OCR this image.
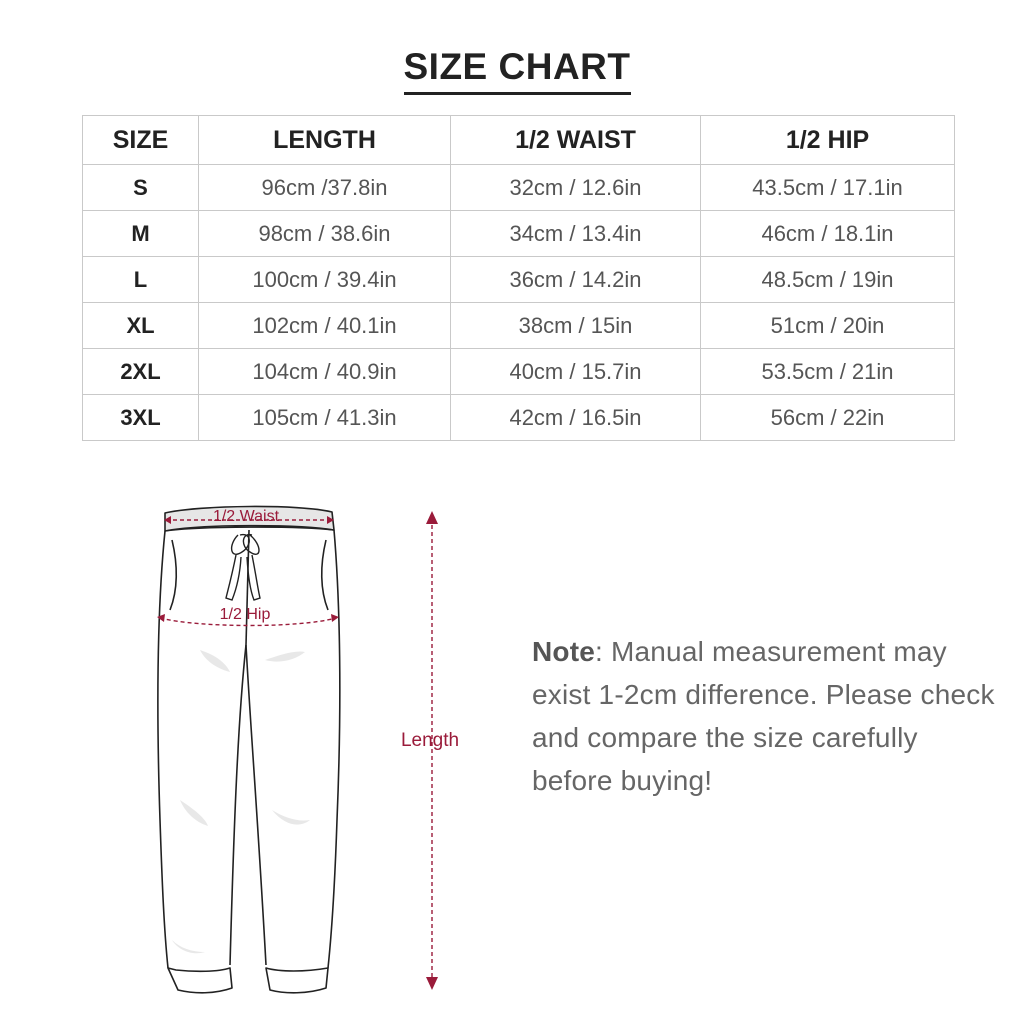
SIZE CHART
SIZE	LENGTH	1/2 WAIST	1/2 HIP
S	96cm /37.8in	32cm / 12.6in	43.5cm / 17.1in
M	98cm / 38.6in	34cm / 13.4in	46cm / 18.1in
L	100cm / 39.4in	36cm / 14.2in	48.5cm / 19in
XL	102cm / 40.1in	38cm / 15in	51cm / 20in
2XL	104cm / 40.9in	40cm / 15.7in	53.5cm / 21in
3XL	105cm / 41.3in	42cm / 16.5in	56cm / 22in
1/2 Waist
1/2 Hip
Length
Note: Manual measurement may exist 1-2cm difference. Please check and compare the size carefully before buying!
